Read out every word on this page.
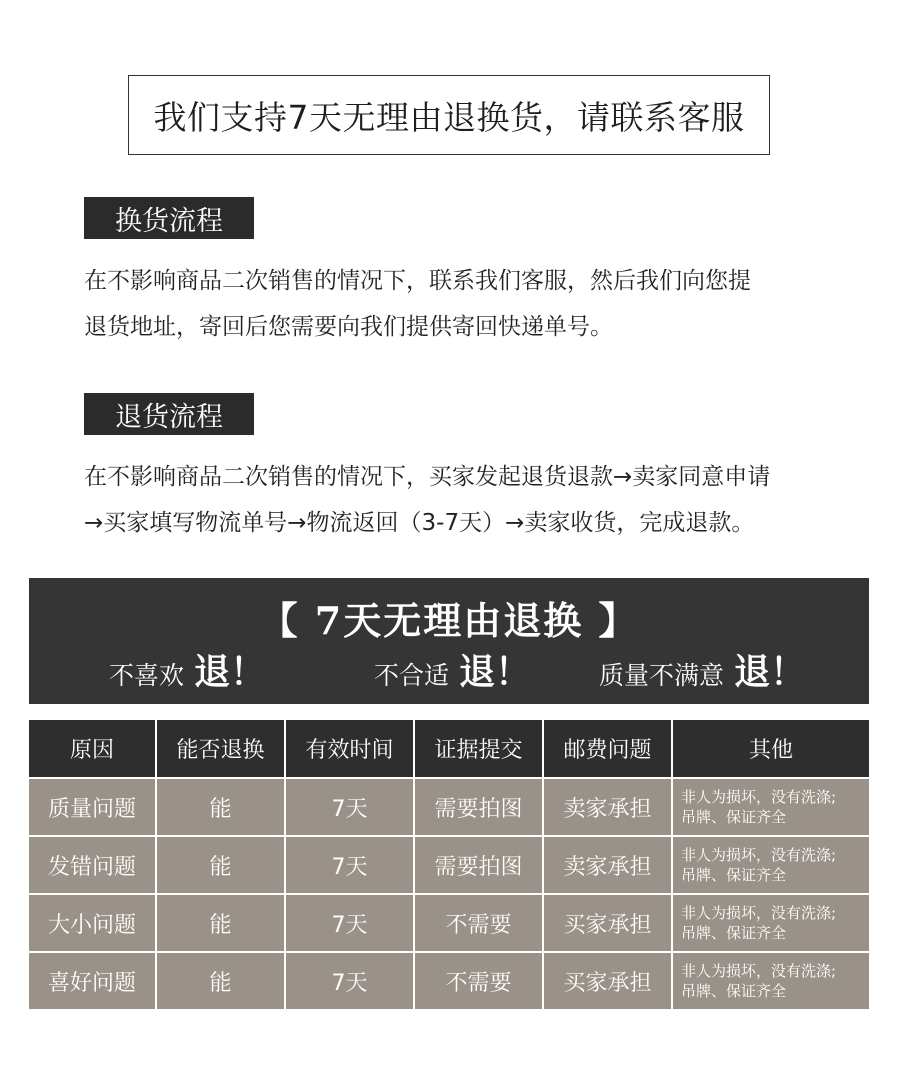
我们支持7天无理由退换货，请联系客服
换货流程
在不影响商品二次销售的情况下，联系我们客服，然后我们向您提
退货地址，寄回后您需要向我们提供寄回快递单号。
退货流程
在不影响商品二次销售的情况下，买家发起退货退款→卖家同意申请
→买家填写物流单号→物流返回（3-7天）→卖家收货，完成退款。
【 7天无理由退换 】
不喜欢 退！	不合适 退！	质量不满意 退！
原因	能否退换	有效时间	证据提交	邮费问题	其他
质量问题	能	7天	需要拍图	卖家承担	非人为损坏，没有洗涤;
吊牌、保证齐全

发错问题	能	7天	需要拍图	卖家承担	非人为损坏，没有洗涤;
吊牌、保证齐全

大小问题	能	7天	不需要	买家承担	非人为损坏，没有洗涤;
吊牌、保证齐全

喜好问题	能	7天	不需要	买家承担	非人为损坏，没有洗涤;
吊牌、保证齐全
